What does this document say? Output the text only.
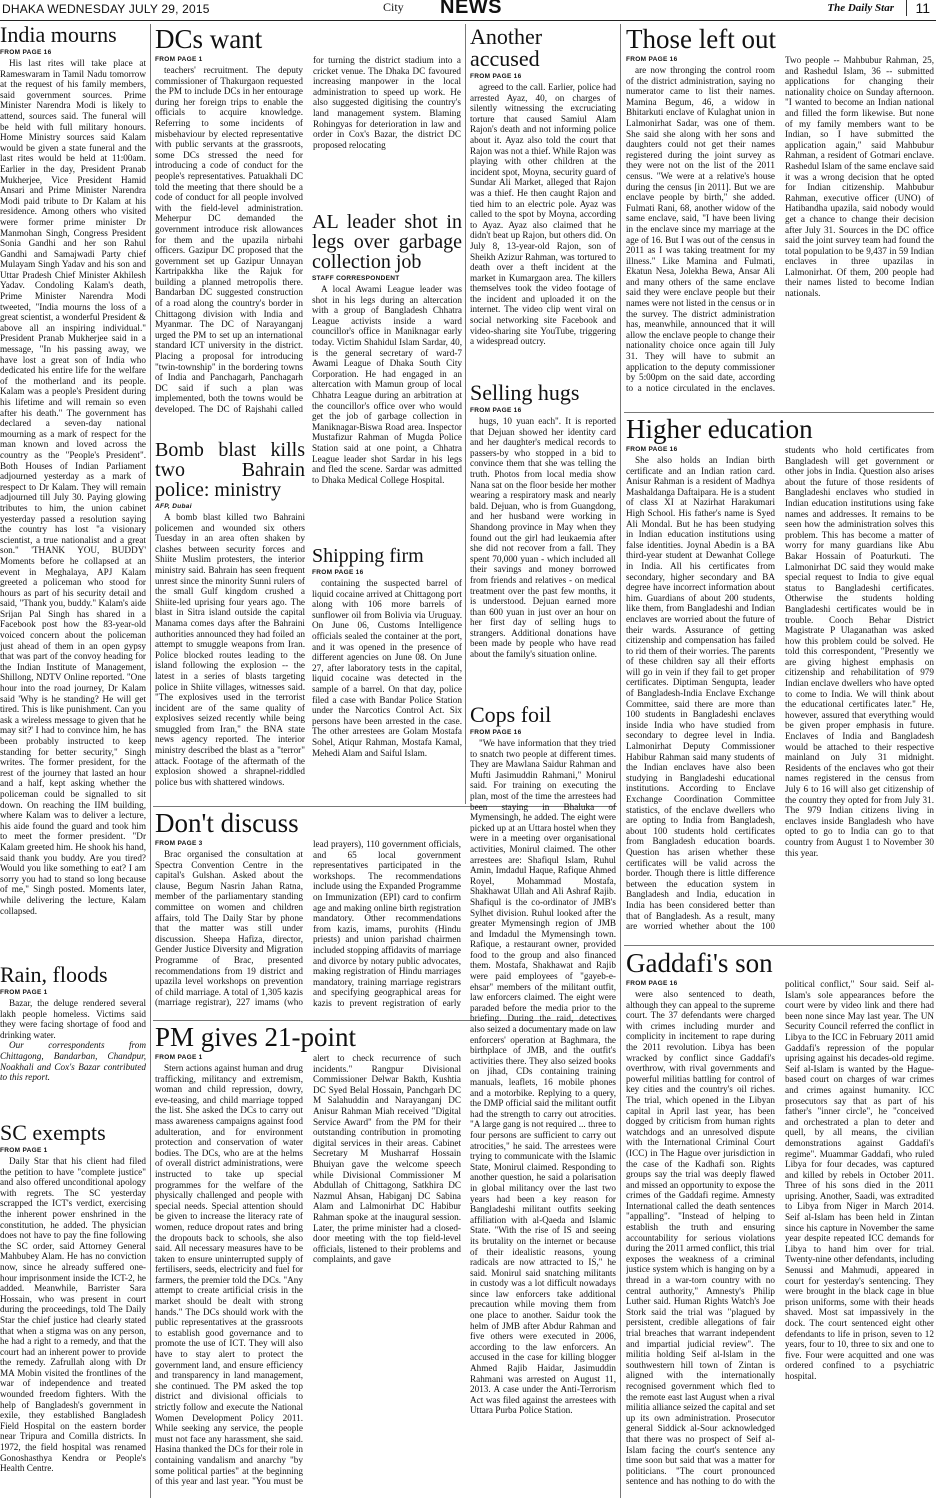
DHAKA WEDNESDAY JULY 29, 2015	City NEWS	The Daily Star	11
India mourns
FROM PAGE 16

His last rites will take place at Rameswaram in Tamil Nadu tomorrow at the request of his family members, said government sources. Prime Minister Narendra Modi is likely to attend, sources said. The funeral will be held with full military honours. Home Ministry sources said Kalam would be given a state funeral and the last rites would be held at 11:00am. Earlier in the day, President Pranab Mukherjee, Vice President Hamid Ansari and Prime Minister Narendra Modi paid tribute to Dr Kalam at his residence. Among others who visited were former prime minister Dr Manmohan Singh, Congress President Sonia Gandhi and her son Rahul Gandhi and Samajwadi Party chief Mulayam Singh Yadav and his son and Uttar Pradesh Chief Minister Akhilesh Yadav. Condoling Kalam's death, Prime Minister Narendra Modi tweeted, "India mourns the loss of a great scientist, a wonderful President & above all an inspiring individual." President Pranab Mukherjee said in a message, "In his passing away, we have lost a great son of India who dedicated his entire life for the welfare of the motherland and its people. Kalam was a people's President during his lifetime and will remain so even after his death." The government has declared a seven-day national mourning as a mark of respect for the man known and loved across the country as the "People's President". Both Houses of Indian Parliament adjourned yesterday as a mark of respect to Dr Kalam. They will remain adjourned till July 30. Paying glowing tributes to him, the union cabinet yesterday passed a resolution saying the country has lost "a visionary scientist, a true nationalist and a great son." 'THANK YOU, BUDDY' Moments before he collapsed at an event in Meghalaya, APJ Kalam greeted a policeman who stood for hours as part of his security detail and said, "Thank you, buddy." Kalam's aide Srijan Pal Singh has shared in a Facebook post how the 83-year-old voiced concern about the policeman just ahead of them in an open gypsy that was part of the convoy heading for the Indian Institute of Management, Shillong, NDTV Online reported. "One hour into the road journey, Dr Kalam said 'Why is he standing? He will get tired. This is like punishment. Can you ask a wireless message to given that he may sit?' I had to convince him, he has been probably instructed to keep standing for better security," Singh writes. The former president, for the rest of the journey that lasted an hour and a half, kept asking whether the policeman could be signalled to sit down. On reaching the IIM building, where Kalam was to deliver a lecture, his aide found the guard and took him to meet the former president. "Dr Kalam greeted him. He shook his hand, said thank you buddy. Are you tired? Would you like something to eat? I am sorry you had to stand so long because of me," Singh posted. Moments later, while delivering the lecture, Kalam collapsed.

Rain, floods
FROM PAGE 1

Bazar, the deluge rendered several lakh people homeless. Victims said they were facing shortage of food and drinking water.

Our correspondents from Chittagong, Bandarban, Chandpur, Noakhali and Cox's Bazar contributed to this report.

SC exempts
FROM PAGE 1

Daily Star that his client had filed the petition to have "complete justice" and also offered unconditional apology with regrets. The SC yesterday scrapped the ICT's verdict, exercising the inherent power enshrined in the constitution, he added. The physician does not have to pay the fine following the SC order, said Attorney General Mahbubey Alam. He has no conviction now, since he already suffered one-hour imprisonment inside the ICT-2, he added. Meanwhile, Barrister Sara Hossain, who was present in court during the proceedings, told The Daily Star the chief justice had clearly stated that when a stigma was on any person, he had a right to a remedy, and that the court had an inherent power to provide the remedy. Zafrullah along with Dr MA Mobin visited the frontlines of the war of independence and treated wounded freedom fighters. With the help of Bangladesh's government in exile, they established Bangladesh Field Hospital on the eastern border near Tripura and Comilla districts. In 1972, the field hospital was renamed Gonoshasthya Kendra or People's Health Centre.

DCs want
FROM PAGE 1

teachers' recruitment. The deputy commissioner of Thakurgaon requested the PM to include DCs in her entourage during her foreign trips to enable the officials to acquire knowledge. Referring to some incidents of misbehaviour by elected representative with public servants at the grassroots, some DCs stressed the need for introducing a code of conduct for the people's representatives. Patuakhali DC told the meeting that there should be a code of conduct for all people involved with the field-level administration. Meherpur DC demanded the government introduce risk allowances for them and the upazila nirbahi officers. Gazipur DC proposed that the government set up Gazipur Unnayan Kartripakkha like the Rajuk for building a planned metropolis there. Bandarban DC suggested construction of a road along the country's border in Chittagong division with India and Myanmar. The DC of Narayanganj urged the PM to set up an international standard ICT university in the district. Placing a proposal for introducing "twin-township" in the bordering towns of India and Panchagarh, Panchagarh DC said if such a plan was implemented, both the towns would be developed. The DC of Rajshahi called for turning the district stadium into a cricket venue. The Dhaka DC favoured increasing manpower in the local administration to speed up work. He also suggested digitising the country's land management system. Blaming Rohingyas for deterioration in law and order in Cox's Bazar, the district DC proposed relocating

Bomb blast kills two Bahrain police: ministry
AFP, Dubai

A bomb blast killed two Bahraini policemen and wounded six others Tuesday in an area often shaken by clashes between security forces and Shiite Muslim protesters, the interior ministry said. Bahrain has seen frequent unrest since the minority Sunni rulers of the small Gulf kingdom crushed a Shiite-led uprising four years ago. The blast in Sitra island outside the capital Manama comes days after the Bahraini authorities announced they had foiled an attempt to smuggle weapons from Iran. Police blocked routes leading to the island following the explosion -- the latest in a series of blasts targeting police in Shiite villages, witnesses said. "The explosives used in the terrorist incident are of the same quality of explosives seized recently while being smuggled from Iran," the BNA state news agency reported. The interior ministry described the blast as a "terror" attack. Footage of the aftermath of the explosion showed a shrapnel-riddled police bus with shattered windows.

AL leader shot in legs over garbage collection job
STAFF CORRESPONDENT

A local Awami League leader was shot in his legs during an altercation with a group of Bangladesh Chhatra League activists inside a ward councillor's office in Maniknagar early today. Victim Shahidul Islam Sardar, 40, is the general secretary of ward-7 Awami League of Dhaka South City Corporation. He had engaged in an altercation with Mamun group of local Chhatra League during an arbitration at the councillor's office over who would get the job of garbage collection in Maniknagar-Biswa Road area. Inspector Mustafizur Rahman of Mugda Police Station said at one point, a Chhatra League leader shot Sardar in his legs and fled the scene. Sardar was admitted to Dhaka Medical College Hospital.

Shipping firm
FROM PAGE 16

containing the suspected barrel of liquid cocaine arrived at Chittagong port along with 106 more barrels of sunflower oil from Bolivia via Uruguay. On June 06, Customs Intelligence officials sealed the container at the port, and it was opened in the presence of different agencies on June 08. On June 27, after laboratory tests in the capital, liquid cocaine was detected in the sample of a barrel. On that day, police filed a case with Bandar Police Station under the Narcotics Control Act. Six persons have been arrested in the case. The other arrestees are Golam Mostafa Sohel, Atiqur Rahman, Mostafa Kamal, Mehedi Alam and Saiful Islam.

Don't discuss
FROM PAGE 3

Brac organised the consultation at Spectra Convention Centre in the capital's Gulshan. Asked about the clause, Begum Nasrin Jahan Ratna, member of the parliamentary standing committee on women and children affairs, told The Daily Star by phone that the matter was still under discussion. Sheepa Hafiza, director, Gender Justice Diversity and Migration Programme of Brac, presented recommendations from 19 district and upazila level workshops on prevention of child marriage. A total of 1,305 kazis (marriage registrar), 227 imams (who lead prayers), 110 government officials, and 65 local government representatives participated in the workshops. The recommendations include using the Expanded Programme on Immunization (EPI) card to confirm age and making online birth registration mandatory. Other recommendations from kazis, imams, purohits (Hindu priests) and union parishad chairmen included stopping affidavits of marriage and divorce by notary public advocates, making registration of Hindu marriages mandatory, training marriage registrars and specifying geographical areas for kazis to prevent registration of early

PM gives 21-point
FROM PAGE 1

Stern actions against human and drug trafficking, militancy and extremism, woman and child repression, dowry, eve-teasing, and child marriage topped the list. She asked the DCs to carry out mass awareness campaigns against food adulteration, and for environment protection and conservation of water bodies. The DCs, who are at the helms of overall district administrations, were instructed to take up special programmes for the welfare of the physically challenged and people with special needs. Special attention should be given to increase the literacy rate of women, reduce dropout rates and bring the dropouts back to schools, she also said. All necessary measures have to be taken to ensure uninterrupted supply of fertilisers, seeds, electricity and fuel for farmers, the premier told the DCs. "Any attempt to create artificial crisis in the market should be dealt with strong hands." The DCs should work with the public representatives at the grassroots to establish good governance and to promote the use of ICT. They will also have to stay alert to protect the government land, and ensure efficiency and transparency in land management, she continued. The PM asked the top district and divisional officials to strictly follow and execute the National Women Development Policy 2011. While seeking any service, the people must not face any harassment, she said. Hasina thanked the DCs for their role in containing vandalism and anarchy "by some political parties" at the beginning of this year and last year. "You must be alert to check recurrence of such incidents." Rangpur Divisional Commissioner Delwar Bakth, Kushtia DC Syed Belal Hossain, Panchgarh DC M Salahuddin and Narayanganj DC Anisur Rahman Miah received "Digital Service Award" from the PM for their outstanding contribution in promoting digital services in their areas. Cabinet Secretary M Musharraf Hossain Bhuiyan gave the welcome speech while Divisional Commissioner M Abdullah of Chittagong, Satkhira DC Nazmul Ahsan, Habiganj DC Sabina Alam and Lalmonirhat DC Habibur Rahman spoke at the inaugural session. Later, the prime minister had a closed-door meeting with the top field-level officials, listened to their problems and complaints, and gave

Another accused
FROM PAGE 16

agreed to the call. Earlier, police had arrested Ayaz, 40, on charges of silently witnessing the excruciating torture that caused Samiul Alam Rajon's death and not informing police about it. Ayaz also told the court that Rajon was not a thief. While Rajon was playing with other children at the incident spot, Moyna, security guard of Sundar Ali Market, alleged that Rajon was a thief. He then caught Rajon and tied him to an electric pole. Ayaz was called to the spot by Moyna, according to Ayaz. Ayaz also claimed that he didn't beat up Rajon, but others did. On July 8, 13-year-old Rajon, son of Sheikh Azizur Rahman, was tortured to death over a theft incident at the market in Kumargaon area. The killers themselves took the video footage of the incident and uploaded it on the internet. The video clip went viral on social networking site Facebook and video-sharing site YouTube, triggering a widespread outcry.

Selling hugs
FROM PAGE 16

hugs, 10 yuan each". It is reported that Dejuan showed her identity card and her daughter's medical records to passers-by who stopped in a bid to convince them that she was telling the truth. Photos from local media show Nana sat on the floor beside her mother wearing a respiratory mask and nearly bald. Dejuan, who is from Guangdong, and her husband were working in Shandong province in May when they found out the girl had leukaemia after she did not recover from a fall. They spent 70,000 yuan - which included all their savings and money borrowed from friends and relatives - on medical treatment over the past few months, it is understood. Dejuan earned more than 600 yuan in just over an hour on her first day of selling hugs to strangers. Additional donations have been made by people who have read about the family's situation online.

Cops foil
FROM PAGE 16

"We have information that they tried to snatch two people at different times. They are Mawlana Saidur Rahman and Mufti Jasimuddin Rahmani," Monirul said. For training on executing the plan, most of the time the arrestees had been staying in Bhaluka of Mymensingh, he added. The eight were picked up at an Uttara hostel when they were in a meeting over organisational activities, Monirul claimed. The other arrestees are: Shafiqul Islam, Ruhul Amin, Imdadul Haque, Rafique Ahmed Royel, Mohammad Mostafa, Shakhawat Ullah and Ali Ashraf Rajib. Shafiqul is the co-ordinator of JMB's Sylhet division. Ruhul looked after the greater Mymensingh region of JMB and Imdadul the Mymensingh town. Rafique, a restaurant owner, provided food to the group and also financed them. Mostafa, Shakhawat and Rajib were paid employees of "gayeb-e-ehsar" members of the militant outfit, law enforcers claimed. The eight were paraded before the media prior to the briefing. During the raid, detectives also seized a documentary made on law enforcers' operation at Baghmara, the birthplace of JMB, and the outfit's activities there. They also seized books on jihad, CDs containing training manuals, leaflets, 16 mobile phones and a motorbike. Replying to a query, the DMP official said the militant outfit had the strength to carry out atrocities. "A large gang is not required ... three to four persons are sufficient to carry out atrocities," he said. The arrestees were trying to communicate with the Islamic State, Monirul claimed. Responding to another question, he said a polarisation in global militancy over the last two years had been a key reason for Bangladeshi militant outfits seeking affiliation with al-Qaeda and Islamic State. "With the rise of IS and seeing its brutality on the internet or because of their idealistic reasons, young radicals are now attracted to IS," he said. Monirul said snatching militants in custody was a lot difficult nowadays since law enforcers take additional precaution while moving them from one place to another. Saidur took the helm of JMB after Abdur Rahman and five others were executed in 2006, according to the law enforcers. An accused in the case for killing blogger Ahmed Rajib Haidar, Jasimuddin Rahmani was arrested on August 11, 2013. A case under the Anti-Terrorism Act was filed against the arrestees with Uttara Purba Police Station.

Those left out
FROM PAGE 16

are now thronging the control room of the district administration, saying no numerator came to list their names. Mamina Begum, 46, a widow in Bhitarkuti enclave of Kulaghat union in Lalmonirhat Sadar, was one of them. She said she along with her sons and daughters could not get their names registered during the joint survey as they were not on the list of the 2011 census. "We were at a relative's house during the census [in 2011]. But we are enclave people by birth," she added. Fulmati Rani, 68, another widow of the same enclave, said, "I have been living in the enclave since my marriage at the age of 16. But I was out of the census in 2011 as I was taking treatment for my illness." Like Mamina and Fulmati, Ekatun Nesa, Jolekha Bewa, Ansar Ali and many others of the same enclave said they were enclave people but their names were not listed in the census or in the survey. The district administration has, meanwhile, announced that it will allow the enclave people to change their nationality choice once again till July 31. They will have to submit an application to the deputy commissioner by 5:00pm on the said date, according to a notice circulated in the enclaves. Two people -- Mahbubur Rahman, 25, and Rashedul Islam, 36 -- submitted applications for changing their nationality choice on Sunday afternoon. "I wanted to become an Indian national and filled the form likewise. But none of my family members want to be Indian, so I have submitted the application again," said Mahbubur Rahman, a resident of Gotmari enclave. Rashedul Islam of the same enclave said it was a wrong decision that he opted for Indian citizenship. Mahbubur Rahman, executive officer (UNO) of Hatibandha upazila, said nobody would get a chance to change their decision after July 31. Sources in the DC office said the joint survey team had found the total population to be 9,437 in 59 Indian enclaves in three upazilas in Lalmonirhat. Of them, 200 people had their names listed to become Indian nationals.

Higher education
FROM PAGE 16

She also holds an Indian birth certificate and an Indian ration card. Anisur Rahman is a resident of Madhya Mashaldanga Daftaipara. He is a student of class XI at Nazirhat Harakumari High School. His father's name is Syed Ali Mondal. But he has been studying in Indian education institutions using false identities. Joynal Abedin is a BA third-year student at Dewanhat College in India. All his certificates from secondary, higher secondary and BA degree have incorrect information about him. Guardians of about 200 students, like them, from Bangladeshi and Indian enclaves are worried about the future of their wards. Assurance of getting citizenship and compensation has failed to rid them of their worries. The parents of these children say all their efforts will go in vein if they fail to get proper certificates. Diptiman Sengupta, leader of Bangladesh-India Enclave Exchange Committee, said there are more than 100 students in Bangladeshi enclaves inside India who have studied from secondary to degree level in India. Lalmonirhat Deputy Commissioner Habibur Rahman said many students of the Indian enclaves have also been studying in Bangladeshi educational institutions. According to Enclave Exchange Coordination Committee statistics, of the enclave dwellers who are opting to India from Bangladesh, about 100 students hold certificates from Bangladesh education boards. Question has arisen whether these certificates will be valid across the border. Though there is little difference between the education system in Bangladesh and India, education in India has been considered better than that of Bangladesh. As a result, many are worried whether about the 100 students who hold certificates from Bangladesh will get government or other jobs in India. Question also arises about the future of those residents of Bangladeshi enclaves who studied in Indian education institutions using fake names and addresses. It remains to be seen how the administration solves this problem. This has become a matter of worry for many guardians like Abu Bakar Hossain of Poaturkuti. The Lalmonirhat DC said they would make special request to India to give equal status to Bangladeshi certificates. Otherwise the students holding Bangladeshi certificates would be in trouble. Cooch Behar District Magistrate P Ulaganathan was asked how this problem could be solved. He told this correspondent, "Presently we are giving highest emphasis on citizenship and rehabilitation of 979 Indian enclave dwellers who have opted to come to India. We will think about the educational certificates later." He, however, assured that everything would be given proper emphasis in future. Enclaves of India and Bangladesh would be attached to their respective mainland on July 31 midnight. Residents of the enclaves who got their names registered in the census from July 6 to 16 will also get citizenship of the country they opted for from July 31. The 979 Indian citizens living in enclaves inside Bangladesh who have opted to go to India can go to that country from August 1 to November 30 this year.

Gaddafi's son
FROM PAGE 16

were also sentenced to death, although they can appeal to the supreme court. The 37 defendants were charged with crimes including murder and complicity in incitement to rape during the 2011 revolution. Libya has been wracked by conflict since Gaddafi's overthrow, with rival governments and powerful militias battling for control of key cities and the country's oil riches. The trial, which opened in the Libyan capital in April last year, has been dogged by criticism from human rights watchdogs and an unresolved dispute with the International Criminal Court (ICC) in The Hague over jurisdiction in the case of the Kadhafi son. Rights groups say the trial was deeply flawed and missed an opportunity to expose the crimes of the Gaddafi regime. Amnesty International called the death sentences "appalling". "Instead of helping to establish the truth and ensuring accountability for serious violations during the 2011 armed conflict, this trial exposes the weakness of a criminal justice system which is hanging on by a thread in a war-torn country with no central authority," Amnesty's Philip Luther said. Human Rights Watch's Joe Stork said the trial was "plagued by persistent, credible allegations of fair trial breaches that warrant independent and impartial judicial review". The militia holding Seif al-Islam in the southwestern hill town of Zintan is aligned with the internationally recognised government which fled to the remote east last August when a rival militia alliance seized the capital and set up its own administration. Prosecutor general Siddick al-Sour acknowledged that there was no prospect of Seif al-Islam facing the court's sentence any time soon but said that was a matter for politicians. "The court pronounced sentence and has nothing to do with the political conflict," Sour said. Seif al-Islam's sole appearances before the court were by video link and there had been none since May last year. The UN Security Council referred the conflict in Libya to the ICC in February 2011 amid Gaddafi's repression of the popular uprising against his decades-old regime. Seif al-Islam is wanted by the Hague-based court on charges of war crimes and crimes against humanity. ICC prosecutors say that as part of his father's "inner circle", he "conceived and orchestrated a plan to deter and quell, by all means, the civilian demonstrations against Gaddafi's regime". Muammar Gaddafi, who ruled Libya for four decades, was captured and killed by rebels in October 2011. Three of his sons died in the 2011 uprising. Another, Saadi, was extradited to Libya from Niger in March 2014. Seif al-Islam has been held in Zintan since his capture in November the same year despite repeated ICC demands for Libya to hand him over for trial. Twenty-nine other defendants, including Senussi and Mahmudi, appeared in court for yesterday's sentencing. They were brought in the black cage in blue prison uniforms, some with their heads shaved. Most sat impassively in the dock. The court sentenced eight other defendants to life in prison, seven to 12 years, four to 10, three to six and one to five. Four were acquitted and one was ordered confined to a psychiatric hospital.
